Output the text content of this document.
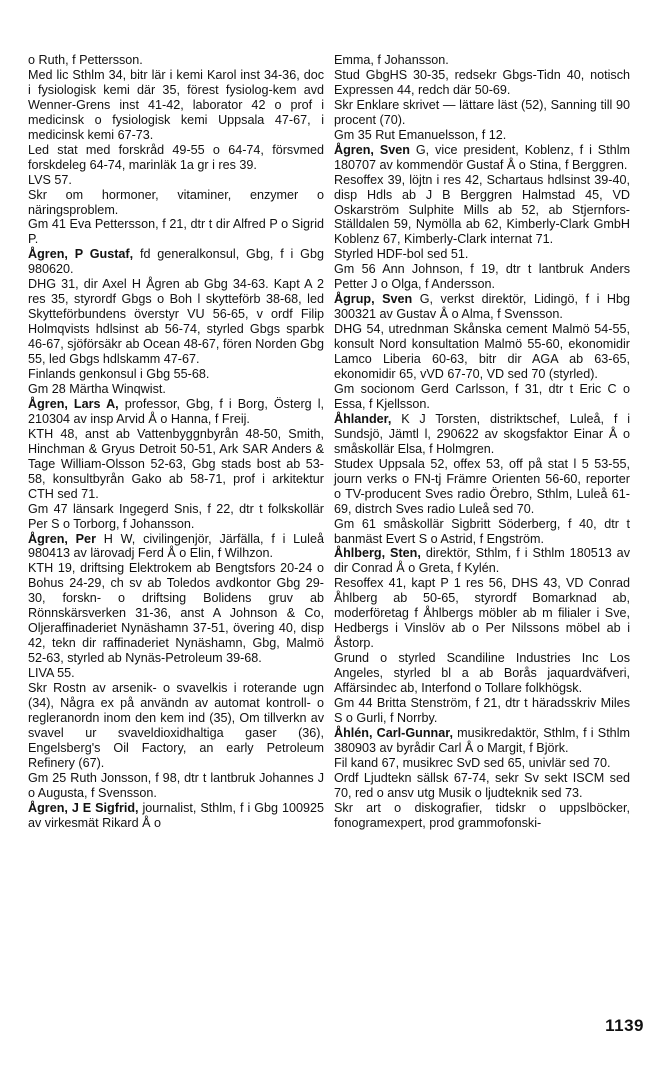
o Ruth, f Pettersson.

Med lic Sthlm 34, bitr lär i kemi Karol inst 34-36, doc i fysiologisk kemi där 35, förest fysiolog-kem avd Wenner-Grens inst 41-42, laborator 42 o prof i medicinsk o fysiologisk kemi Uppsala 47-67, i medicinsk kemi 67-73.

Led stat med forskråd 49-55 o 64-74, försvmed forskdeleg 64-74, marinläk 1a gr i res 39.

LVS 57.

Skr om hormoner, vitaminer, enzymer o näringsproblem.

Gm 41 Eva Pettersson, f 21, dtr t dir Alfred P o Sigrid P.

Ågren, P Gustaf, fd generalkonsul, Gbg, f i Gbg 980620.

DHG 31, dir Axel H Ågren ab Gbg 34-63. Kapt A 2 res 35, styrordf Gbgs o Boh l skytteförb 38-68, led Skytteförbundens överstyr VU 56-65, v ordf Filip Holmqvists hdlsinst ab 56-74, styrled Gbgs sparbk 46-67, sjöförsäkr ab Ocean 48-67, fören Norden Gbg 55, led Gbgs hdlskamm 47-67.

Finlands genkonsul i Gbg 55-68.

Gm 28 Märtha Winqwist.

Ågren, Lars A, professor, Gbg, f i Borg, Österg l, 210304 av insp Arvid Å o Hanna, f Freij.

KTH 48, anst ab Vattenbyggnbyrån 48-50, Smith, Hinchman & Gryus Detroit 50-51, Ark SAR Anders & Tage William-Olsson 52-63, Gbg stads bost ab 53-58, konsultbyrån Gako ab 58-71, prof i arkitektur CTH sed 71.

Gm 47 länsark Ingegerd Snis, f 22, dtr t folkskollär Per S o Torborg, f Johansson.

Ågren, Per H W, civilingenjör, Järfälla, f i Luleå 980413 av lärovadj Ferd Å o Elin, f Wilhzon.

KTH 19, driftsing Elektrokem ab Bengtsfors 20-24 o Bohus 24-29, ch sv ab Toledos avdkontor Gbg 29-30, forskn- o driftsing Bolidens gruv ab Rönnskärsverken 31-36, anst A Johnson & Co, Oljeraffinaderiet Nynäshamn 37-51, övering 40, disp 42, tekn dir raffinaderiet Nynäshamn, Gbg, Malmö 52-63, styrled ab Nynäs-Petroleum 39-68.

LIVA 55.

Skr Rostn av arsenik- o svavelkis i roterande ugn (34), Några ex på användn av automat kontroll- o regleranordn inom den kem ind (35), Om tillverkn av svavel ur svaveldioxidhaltiga gaser (36), Engelsberg's Oil Factory, an early Petroleum Refinery (67).

Gm 25 Ruth Jonsson, f 98, dtr t lantbruk Johannes J o Augusta, f Svensson.

Ågren, J E Sigfrid, journalist, Sthlm, f i Gbg 100925 av virkesmät Rikard Å o

Emma, f Johansson.

Stud GbgHS 30-35, redsekr Gbgs-Tidn 40, notisch Expressen 44, redch där 50-69.

Skr Enklare skrivet — lättare läst (52), Sanning till 90 procent (70).

Gm 35 Rut Emanuelsson, f 12.

Ågren, Sven G, vice president, Koblenz, f i Sthlm 180707 av kommendör Gustaf Å o Stina, f Berggren.

Resoffex 39, löjtn i res 42, Schartaus hdlsinst 39-40, disp Hdls ab J B Berggren Halmstad 45, VD Oskarström Sulphite Mills ab 52, ab Stjernfors-Ställdalen 59, Nymölla ab 62, Kimberly-Clark GmbH Koblenz 67, Kimberly-Clark internat 71.

Styrled HDF-bol sed 51.

Gm 56 Ann Johnson, f 19, dtr t lantbruk Anders Petter J o Olga, f Andersson.

Ågrup, Sven G, verkst direktör, Lidingö, f i Hbg 300321 av Gustav Å o Alma, f Svensson.

DHG 54, utrednman Skånska cement Malmö 54-55, konsult Nord konsultation Malmö 55-60, ekonomidir Lamco Liberia 60-63, bitr dir AGA ab 63-65, ekonomidir 65, vVD 67-70, VD sed 70 (styrled).

Gm socionom Gerd Carlsson, f 31, dtr t Eric C o Essa, f Kjellsson.

Åhlander, K J Torsten, distriktschef, Luleå, f i Sundsjö, Jämtl l, 290622 av skogsfaktor Einar Å o småskollär Elsa, f Holmgren.

Studex Uppsala 52, offex 53, off på stat l 5 53-55, journ verks o FN-tj Främre Orienten 56-60, reporter o TV-producent Sves radio Örebro, Sthlm, Luleå 61-69, distrch Sves radio Luleå sed 70.

Gm 61 småskollär Sigbritt Söderberg, f 40, dtr t banmäst Evert S o Astrid, f Engström.

Åhlberg, Sten, direktör, Sthlm, f i Sthlm 180513 av dir Conrad Å o Greta, f Kylén.

Resoffex 41, kapt P 1 res 56, DHS 43, VD Conrad Åhlberg ab 50-65, styrordf Bomarknad ab, moderföretag f Åhlbergs möbler ab m filialer i Sve, Hedbergs i Vinslöv ab o Per Nilssons möbel ab i Åstorp.

Grund o styrled Scandiline Industries Inc Los Angeles, styrled bl a ab Borås jaquardväfveri, Affärsindec ab, Interfond o Tollare folkhögsk.

Gm 44 Britta Stenström, f 21, dtr t häradsskriv Miles S o Gurli, f Norrby.

Åhlén, Carl-Gunnar, musikredaktör, Sthlm, f i Sthlm 380903 av byrådir Carl Å o Margit, f Björk.

Fil kand 67, musikrec SvD sed 65, univlär sed 70.

Ordf Ljudtekn sällsk 67-74, sekr Sv sekt ISCM sed 70, red o ansv utg Musik o ljudteknik sed 73.

Skr art o diskografier, tidskr o uppslböcker, fonogramexpert, prod grammofonski-

1139
